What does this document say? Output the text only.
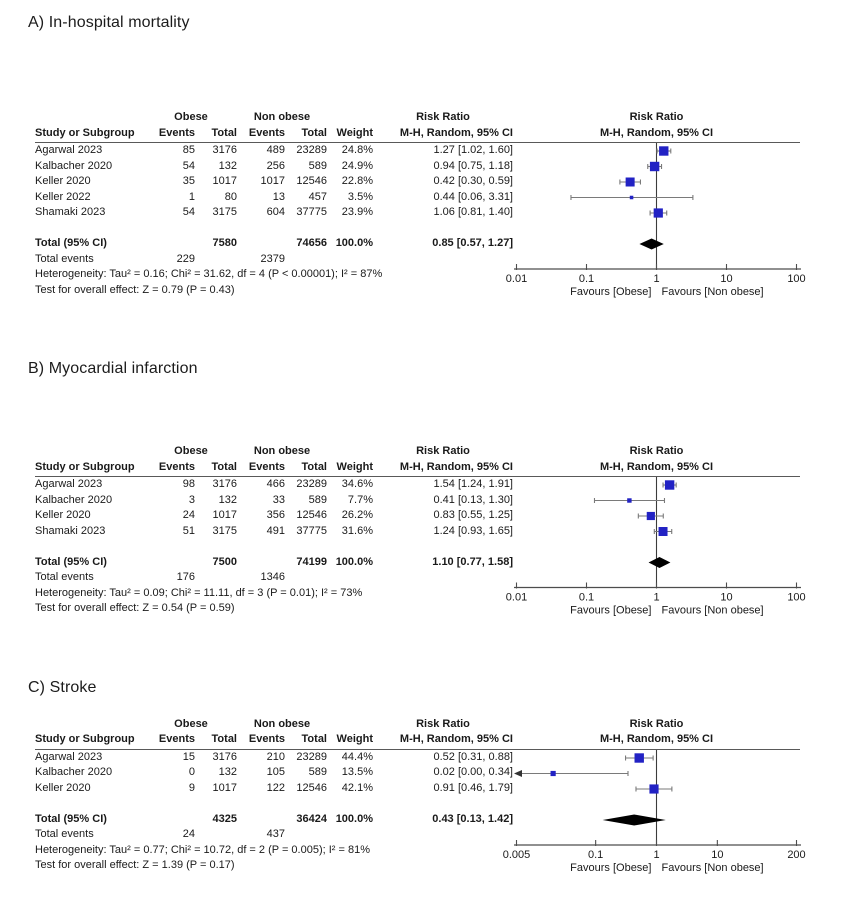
A) In-hospital mortality
Obese	Non obese	Risk Ratio
Study or Subgroup	Events	Total	Events	Total Weight	M-H, Random, 95% CI
Risk Ratio
M-H, Random, 95% CI
Agarwal 2023	85	3176	489	23289	24.8%	1.27 [1.02, 1.60]
Kalbacher 2020	54	132	256	589	24.9%	0.94 [0.75, 1.18]
Keller 2020	35	1017	1017	12546	22.8%	0.42 [0.30, 0.59]
Keller 2022	1	80	13	457	3.5%	0.44 [0.06, 3.31]
Shamaki 2023	54	3175	604	37775	23.9%	1.06 [0.81, 1.40]
Total (95% CI)	7580	74656 100.0%	0.85 [0.57, 1.27]
Total events	229	2379
Heterogeneity: Tau² = 0.16; Chi² = 31.62, df = 4 (P < 0.00001); I² = 87%
Test for overall effect: Z = 0.79 (P = 0.43)
0.01	0.1	1	10	100
Favours [Obese] Favours [Non obese]
B) Myocardial infarction
Obese	Non obese	Risk Ratio
Study or Subgroup	Events	Total	Events	Total Weight	M-H, Random, 95% CI
Risk Ratio
M-H, Random, 95% CI
Agarwal 2023	98	3176	466	23289	34.6%	1.54 [1.24, 1.91]
Kalbacher 2020	3	132	33	589	7.7%	0.41 [0.13, 1.30]
Keller 2020	24	1017	356	12546	26.2%	0.83 [0.55, 1.25]
Shamaki 2023	51	3175	491	37775	31.6%	1.24 [0.93, 1.65]
Total (95% CI)	7500	74199 100.0%	1.10 [0.77, 1.58]
Total events	176	1346
Heterogeneity: Tau² = 0.09; Chi² = 11.11, df = 3 (P = 0.01); I² = 73%
Test for overall effect: Z = 0.54 (P = 0.59)
0.01	0.1	1	10	100
Favours [Obese] Favours [Non obese]
C) Stroke
Obese	Non obese	Risk Ratio
Study or Subgroup	Events	Total	Events	Total Weight	M-H, Random, 95% CI
Risk Ratio
M-H, Random, 95% CI
Agarwal 2023	15	3176	210	23289	44.4%	0.52 [0.31, 0.88]
Kalbacher 2020	0	132	105	589	13.5%	0.02 [0.00, 0.34]
Keller 2020	9	1017	122	12546	42.1%	0.91 [0.46, 1.79]
Total (95% CI)	4325	36424 100.0%	0.43 [0.13, 1.42]
Total events	24	437
Heterogeneity: Tau² = 0.77; Chi² = 10.72, df = 2 (P = 0.005); I² = 81%
Test for overall effect: Z = 1.39 (P = 0.17)
0.005	0.1	1	10	200
Favours [Obese] Favours [Non obese]
